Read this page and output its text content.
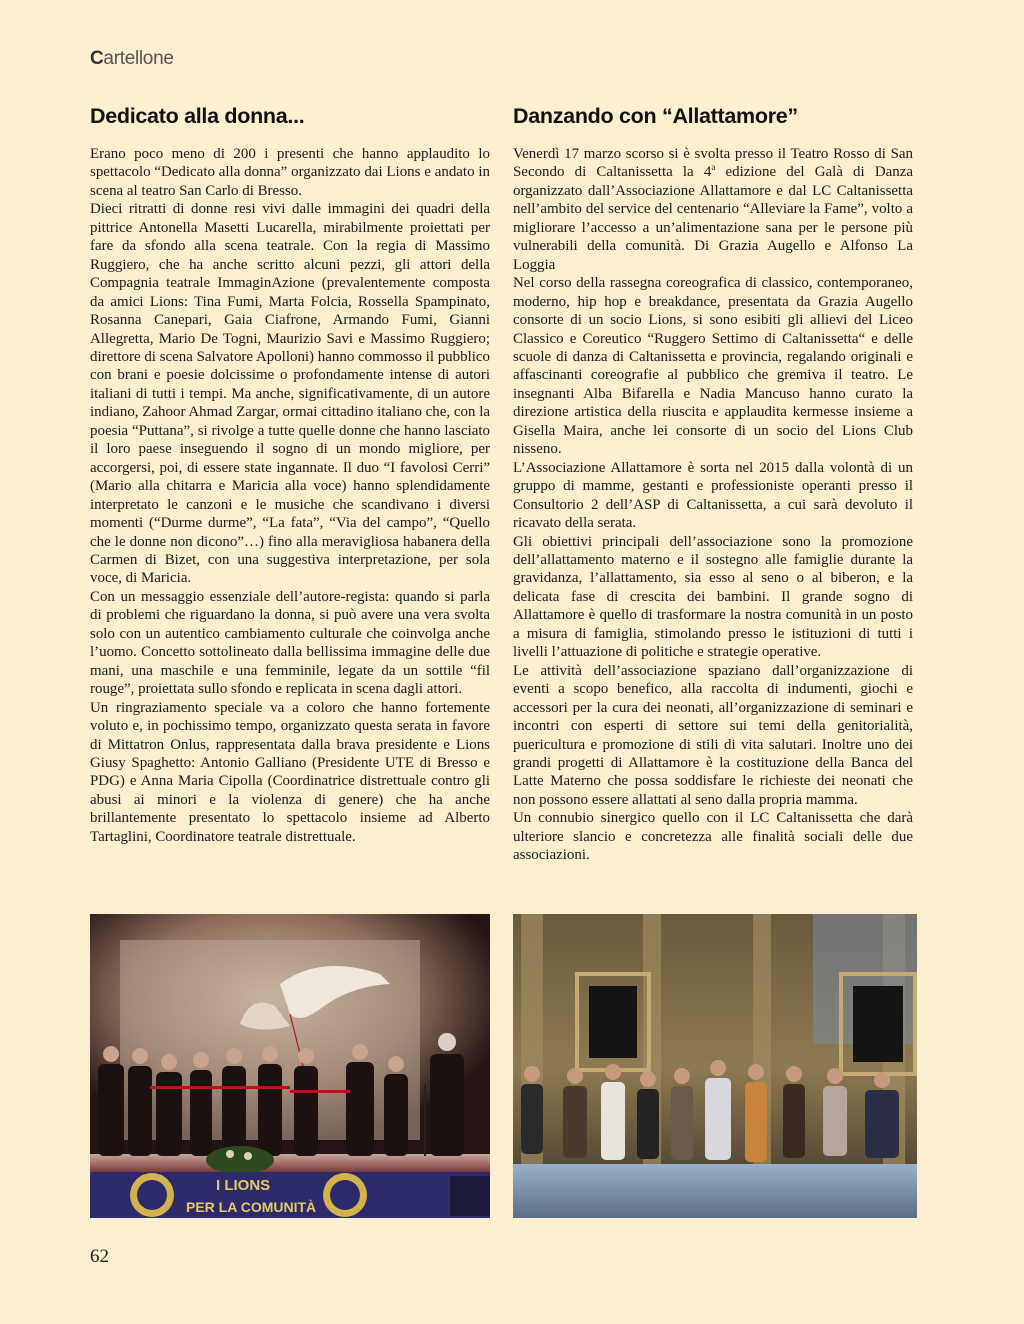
Cartellone
Dedicato alla donna...

Erano poco meno di 200 i presenti che hanno applaudito lo spettacolo “Dedicato alla donna” organizzato dai Lions e andato in scena al teatro San Carlo di Bresso.

Dieci ritratti di donne resi vivi dalle immagini dei quadri della pittrice Antonella Masetti Lucarella, mirabilmente proiettati per fare da sfondo alla scena teatrale. Con la regia di Massimo Ruggiero, che ha anche scritto alcuni pezzi, gli attori della Compagnia teatrale ImmaginAzione (prevalentemente composta da amici Lions: Tina Fumi, Marta Folcia, Rossella Spampinato, Rosanna Canepari, Gaia Ciafrone, Armando Fumi, Gianni Allegretta, Mario De Togni, Maurizio Savi e Massimo Ruggiero; direttore di scena Salvatore Apolloni) hanno commosso il pubblico con brani e poesie dolcissime o profondamente intense di autori italiani di tutti i tempi. Ma anche, significativamente, di un autore indiano, Zahoor Ahmad Zargar, ormai cittadino italiano che, con la poesia “Puttana”, si rivolge a tutte quelle donne che hanno lasciato il loro paese inseguendo il sogno di un mondo migliore, per accorgersi, poi, di essere state ingannate. Il duo “I favolosi Cerri” (Mario alla chitarra e Maricia alla voce) hanno splendidamente interpretato le canzoni e le musiche che scandivano i diversi momenti (“Durme durme”, “La fata”, “Via del campo”, “Quello che le donne non dicono”…) fino alla meravigliosa habanera della Carmen di Bizet, con una suggestiva interpretazione, per sola voce, di Maricia.

Con un messaggio essenziale dell’autore-regista: quando si parla di problemi che riguardano la donna, si può avere una vera svolta solo con un autentico cambiamento culturale che coinvolga anche l’uomo. Concetto sottolineato dalla bellissima immagine delle due mani, una maschile e una femminile, legate da un sottile “fil rouge”, proiettata sullo sfondo e replicata in scena dagli attori.

Un ringraziamento speciale va a coloro che hanno fortemente voluto e, in pochissimo tempo, organizzato questa serata in favore di Mittatron Onlus, rappresentata dalla brava presidente e Lions Giusy Spaghetto: Antonio Galliano (Presidente UTE di Bresso e PDG) e Anna Maria Cipolla (Coordinatrice distrettuale contro gli abusi ai minori e la violenza di genere) che ha anche brillantemente presentato lo spettacolo insieme ad Alberto Tartaglini, Coordinatore teatrale distrettuale.

Danzando con “Allattamore”

Venerdì 17 marzo scorso si è svolta presso il Teatro Rosso di San Secondo di Caltanissetta la 4$^a$ edizione del Galà di Danza organizzato dall’Associazione Allattamore e dal LC Caltanissetta nell’ambito del service del centenario “Alleviare la Fame”, volto a migliorare l’accesso a un’alimentazione sana per le persone più vulnerabili della comunità. Di Grazia Augello e Alfonso La Loggia

Nel corso della rassegna coreografica di classico, contemporaneo, moderno, hip hop e breakdance, presentata da Grazia Augello consorte di un socio Lions, si sono esibiti gli allievi del Liceo Classico e Coreutico “Ruggero Settimo di Caltanissetta“ e delle scuole di danza di Caltanissetta e provincia, regalando originali e affascinanti coreografie al pubblico che gremiva il teatro. Le insegnanti Alba Bifarella e Nadia Mancuso hanno curato la direzione artistica della riuscita e applaudita kermesse insieme a Gisella Maira, anche lei consorte di un socio del Lions Club nisseno.

L’Associazione Allattamore è sorta nel 2015 dalla volontà di un gruppo di mamme, gestanti e professioniste operanti presso il Consultorio 2 dell’ASP di Caltanissetta, a cui sarà devoluto il ricavato della serata.

Gli obiettivi principali dell’associazione sono la promozione dell’allattamento materno e il sostegno alle famiglie durante la gravidanza, l’allattamento, sia esso al seno o al biberon, e la delicata fase di crescita dei bambini. Il grande sogno di Allattamore è quello di trasformare la nostra comunità in un posto a misura di famiglia, stimolando presso le istituzioni di tutti i livelli l’attuazione di politiche e strategie operative.

Le attività dell’associazione spaziano dall’organizzazione di eventi a scopo benefico, alla raccolta di indumenti, giochi e accessori per la cura dei neonati, all’organizzazione di seminari e incontri con esperti di settore sui temi della genitorialità, puericultura e promozione di stili di vita salutari. Inoltre uno dei grandi progetti di Allattamore è la costituzione della Banca del Latte Materno che possa soddisfare le richieste dei neonati che non possono essere allattati al seno dalla propria mamma.

Un connubio sinergico quello con il LC Caltanissetta che darà ulteriore slancio e concretezza alle finalità sociali delle due associazioni.

I LIONS
PER LA COMUNITÀ
62
